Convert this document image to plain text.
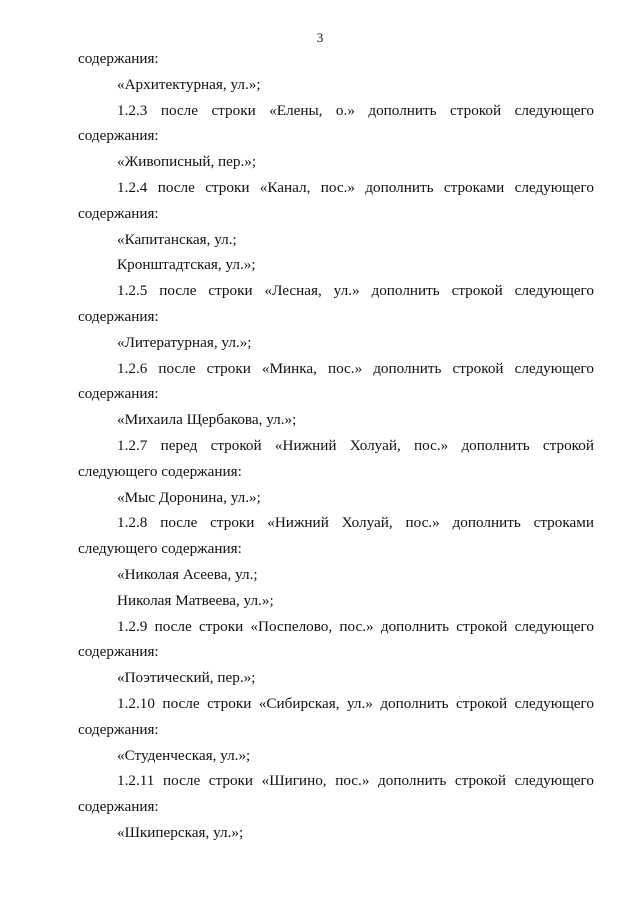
3

содержания:

«Архитектурная, ул.»;

1.2.3 после строки «Елены, о.» дополнить строкой следующего содержания:

«Живописный, пер.»;

1.2.4 после строки «Канал, пос.» дополнить строками следующего содержания:

«Капитанская, ул.;

Кронштадтская, ул.»;

1.2.5 после строки «Лесная, ул.» дополнить строкой следующего содержания:

«Литературная, ул.»;

1.2.6 после строки «Минка, пос.» дополнить строкой следующего содержания:

«Михаила Щербакова, ул.»;

1.2.7 перед строкой «Нижний Холуай, пос.» дополнить строкой следующего содержания:

«Мыс Доронина, ул.»;

1.2.8 после строки «Нижний Холуай, пос.» дополнить строками следующего содержания:

«Николая Асеева, ул.;

Николая Матвеева, ул.»;

1.2.9 после строки «Поспелово, пос.» дополнить строкой следующего содержания:

«Поэтический, пер.»;

1.2.10 после строки «Сибирская, ул.» дополнить строкой следующего содержания:

«Студенческая, ул.»;

1.2.11 после строки «Шигино, пос.» дополнить строкой следующего содержания:

«Шкиперская, ул.»;
